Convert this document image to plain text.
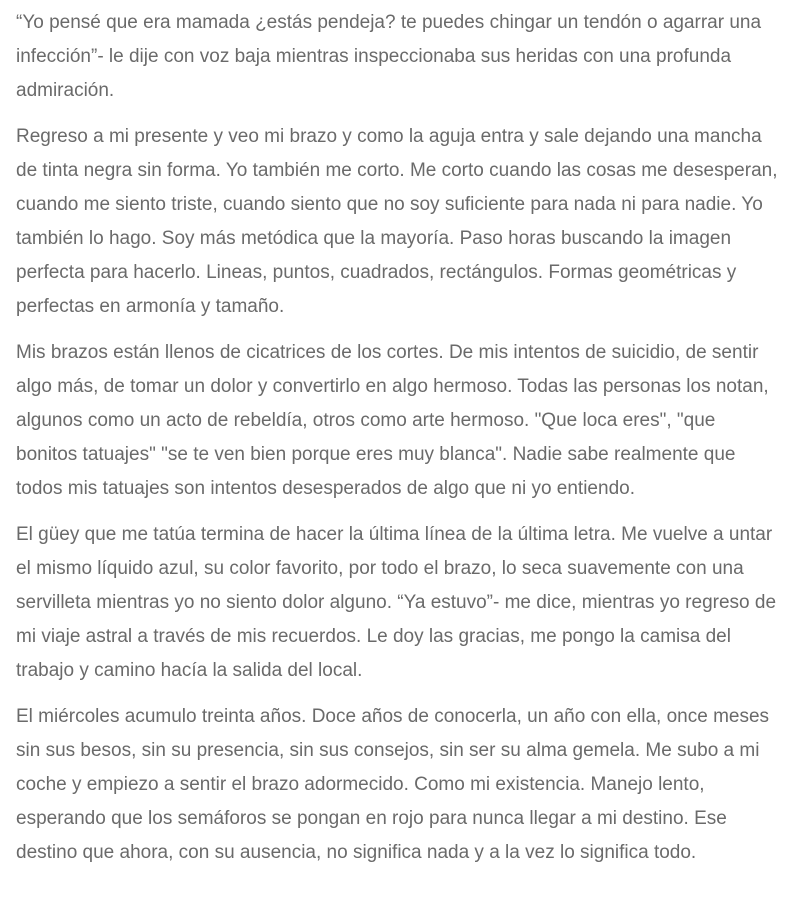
“Yo pensé que era mamada ¿estás pendeja? te puedes chingar un tendón o agarrar una infección”- le dije con voz baja mientras inspeccionaba sus heridas con una profunda admiración.

Regreso a mi presente y veo mi brazo y como la aguja entra y sale dejando una mancha de tinta negra sin forma. Yo también me corto. Me corto cuando las cosas me desesperan, cuando me siento triste, cuando siento que no soy suficiente para nada ni para nadie. Yo también lo hago. Soy más metódica que la mayoría. Paso horas buscando la imagen perfecta para hacerlo. Lineas, puntos, cuadrados, rectángulos. Formas geométricas y perfectas en armonía y tamaño.

Mis brazos están llenos de cicatrices de los cortes. De mis intentos de suicidio, de sentir algo más, de tomar un dolor y convertirlo en algo hermoso. Todas las personas los notan, algunos como un acto de rebeldía, otros como arte hermoso. "Que loca eres", "que bonitos tatuajes" "se te ven bien porque eres muy blanca". Nadie sabe realmente que todos mis tatuajes son intentos desesperados de algo que ni yo entiendo.

El güey que me tatúa termina de hacer la última línea de la última letra. Me vuelve a untar el mismo líquido azul, su color favorito, por todo el brazo, lo seca suavemente con una servilleta mientras yo no siento dolor alguno. “Ya estuvo”- me dice, mientras yo regreso de mi viaje astral a través de mis recuerdos. Le doy las gracias, me pongo la camisa del trabajo y camino hacía la salida del local.

El miércoles acumulo treinta años. Doce años de conocerla, un año con ella, once meses sin sus besos, sin su presencia, sin sus consejos, sin ser su alma gemela. Me subo a mi coche y empiezo a sentir el brazo adormecido. Como mi existencia. Manejo lento, esperando que los semáforos se pongan en rojo para nunca llegar a mi destino. Ese destino que ahora, con su ausencia, no significa nada y a la vez lo significa todo.
